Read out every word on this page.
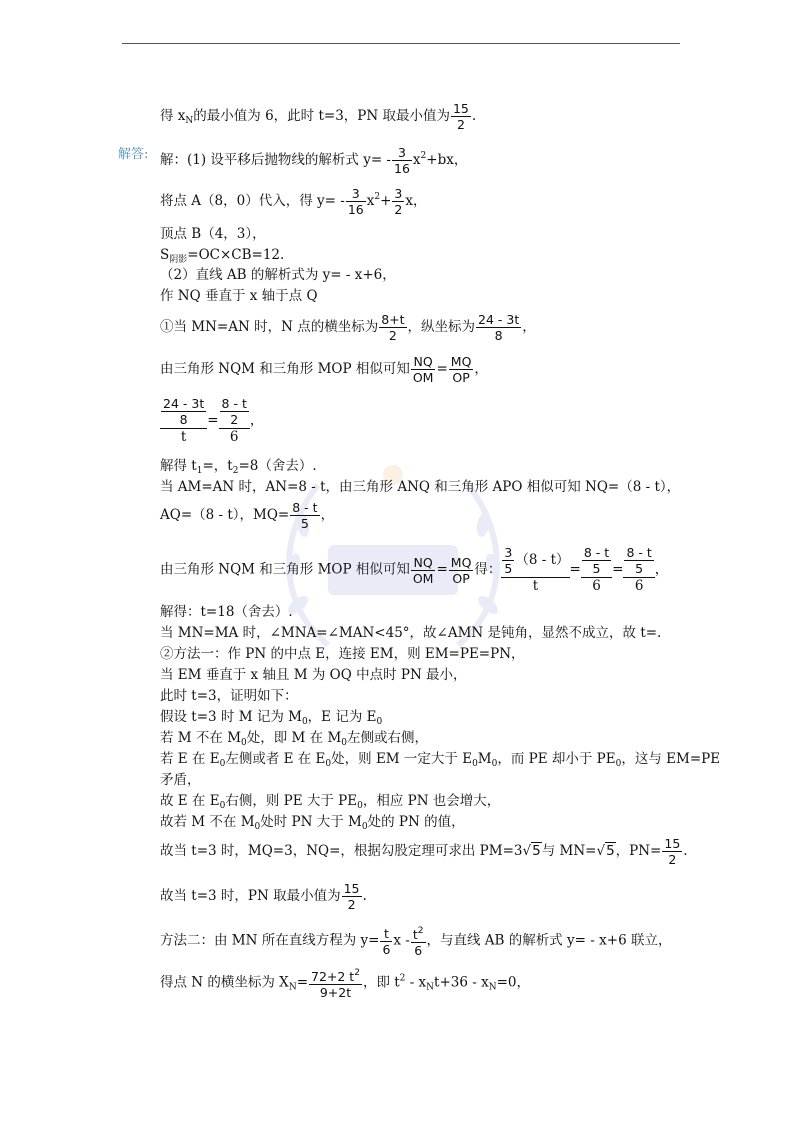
解答:
得 $x_N$的最小值为 6，此时 t=3，PN 取最小值为 $\frac{15}{2}$ .
解：(1) 设平移后抛物线的解析式 $y= - \frac{3}{16} x^2+bx$，
将点 A（8，0）代入，得 $y= - \frac{3}{16} x^2+ \frac{3}{2}$ x，
顶点 B（4，3），
$S_{阴影}=OC\times CB=12$.
（2）直线 AB 的解析式为 y= - x+6，
作 NQ 垂直于 x 轴于点 Q
①当 MN=AN 时，N 点的横坐标为 $\frac{8+t}{2}$ ，纵坐标为 $\frac{24 - 3t}{8}$ ，
由三角形 NQM 和三角形 MOP 相似可知 $\frac{NQ}{OM} = \frac{MQ}{OP}$ ，
$\frac{\frac{24 - 3t}{8}}{t} = \frac{\frac{8 - t}{2}}{6}$ ，
解得 $t_1=$，$t_2=8$（舍去）.
当 AM=AN 时，AN=8 - t，由三角形 ANQ 和三角形 APO 相似可知 NQ=（8 - t），
AQ=（8 - t），$MQ= \frac{8 - t}{5}$ ，
由三角形 NQM 和三角形 MOP 相似可知 $\frac{NQ}{OM} = \frac{MQ}{OP}$ 得： $\frac{\frac{3}{5} (8 - t)}{t} = \frac{\frac{8 - t}{5}}{6} = \frac{\frac{8 - t}{5}}{6}$ ，
解得：t=18（舍去）.
当 MN=MA 时，∠MNA=∠MAN<45°，故∠AMN 是钝角，显然不成立，故 t=.
②方法一：作 PN 的中点 E，连接 EM，则 EM=PE=PN，
当 EM 垂直于 x 轴且 M 为 OQ 中点时 PN 最小，
此时 t=3，证明如下：
假设 t=3 时 M 记为 $M_0$，E 记为 $E_0$
若 M 不在 $M_0$处，即 M 在 $M_0$左侧或右侧，
若 E 在 $E_0$左侧或者 E 在 $E_0$处，则 EM 一定大于 $E_0M_0$，而 PE 却小于 $PE_0$，这与 EM=PE
矛盾，
故 E 在 $E_0$右侧，则 PE 大于 $PE_0$，相应 PN 也会增大，
故若 M 不在 $M_0$处时 PN 大于 $M_0$处的 PN 的值，
故当 t=3 时，MQ=3，NQ=，根据勾股定理可求出 PM=3√5与 MN=√5，$PN= \frac{15}{2}$ .
故当 t=3 时，PN 取最小值为 $\frac{15}{2}$ .
方法二：由 MN 所在直线方程为 $y= \frac{t}{6}$ x - $\frac{t^2}{6}$ ，与直线 AB 的解析式 y= - x+6 联立，
得点 N 的横坐标为 $X_N= \frac{72+2 t^2}{9+2t}$ ，即 $t^2 - x_Nt+36 - x_N=0$，
